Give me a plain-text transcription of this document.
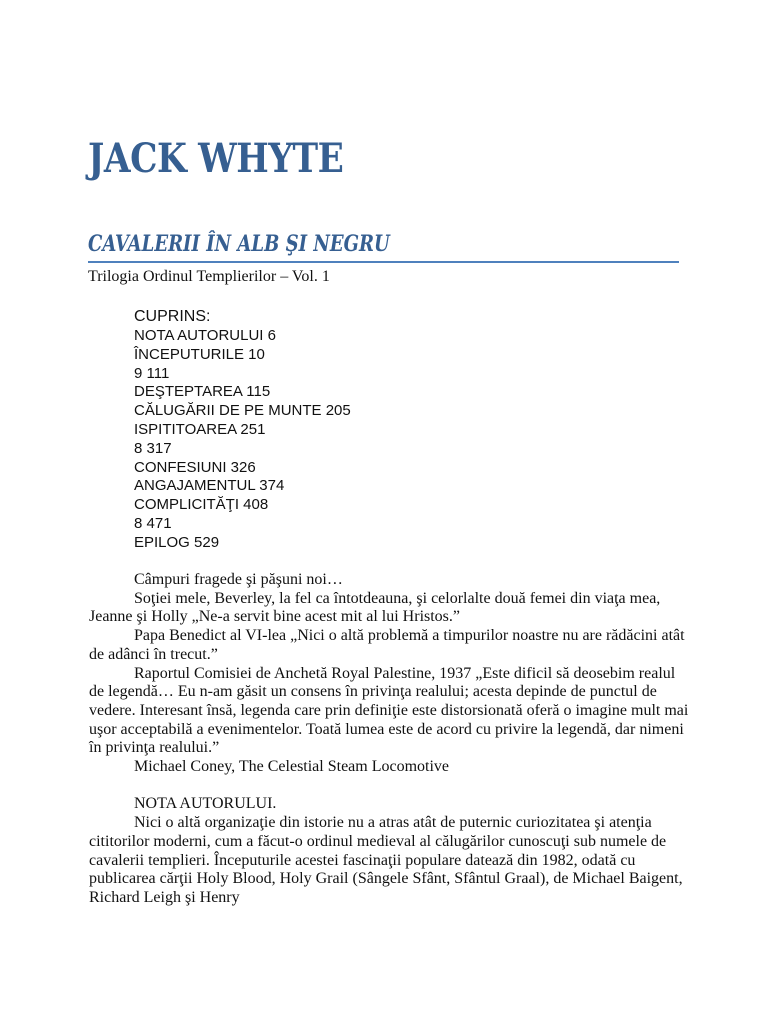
JACK WHYTE
CAVALERII ÎN ALB ŞI NEGRU
Trilogia Ordinul Templierilor – Vol. 1
CUPRINS:
NOTA AUTORULUI 6
ÎNCEPUTURILE 10
9 111
DEŞTEPTAREA 115
CĂLUGĂRII DE PE MUNTE 205
ISPITITOAREA 251
8 317
CONFESIUNI 326
ANGAJAMENTUL 374
COMPLICITĂŢI 408
8 471
EPILOG 529

Câmpuri fragede şi păşuni noi…

Soţiei mele, Beverley, la fel ca întotdeauna, şi celorlalte două femei din viaţa mea, Jeanne şi Holly „Ne-a servit bine acest mit al lui Hristos.”

Papa Benedict al VI-lea „Nici o altă problemă a timpurilor noastre nu are rădăcini atât de adânci în trecut.”

Raportul Comisiei de Anchetă Royal Palestine, 1937 „Este dificil să deosebim realul de legendă… Eu n-am găsit un consens în privinţa realului; acesta depinde de punctul de vedere. Interesant însă, legenda care prin definiţie este distorsionată oferă o imagine mult mai uşor acceptabilă a evenimentelor. Toată lumea este de acord cu privire la legendă, dar nimeni în privinţa realului.”

Michael Coney, The Celestial Steam Locomotive

NOTA AUTORULUI.

Nici o altă organizaţie din istorie nu a atras atât de puternic curiozitatea şi atenţia cititorilor moderni, cum a făcut-o ordinul medieval al călugărilor cunoscuţi sub numele de cavalerii templieri. Începuturile acestei fascinaţii populare datează din 1982, odată cu publicarea cărţii Holy Blood, Holy Grail (Sângele Sfânt, Sfântul Graal), de Michael Baigent, Richard Leigh şi Henry
